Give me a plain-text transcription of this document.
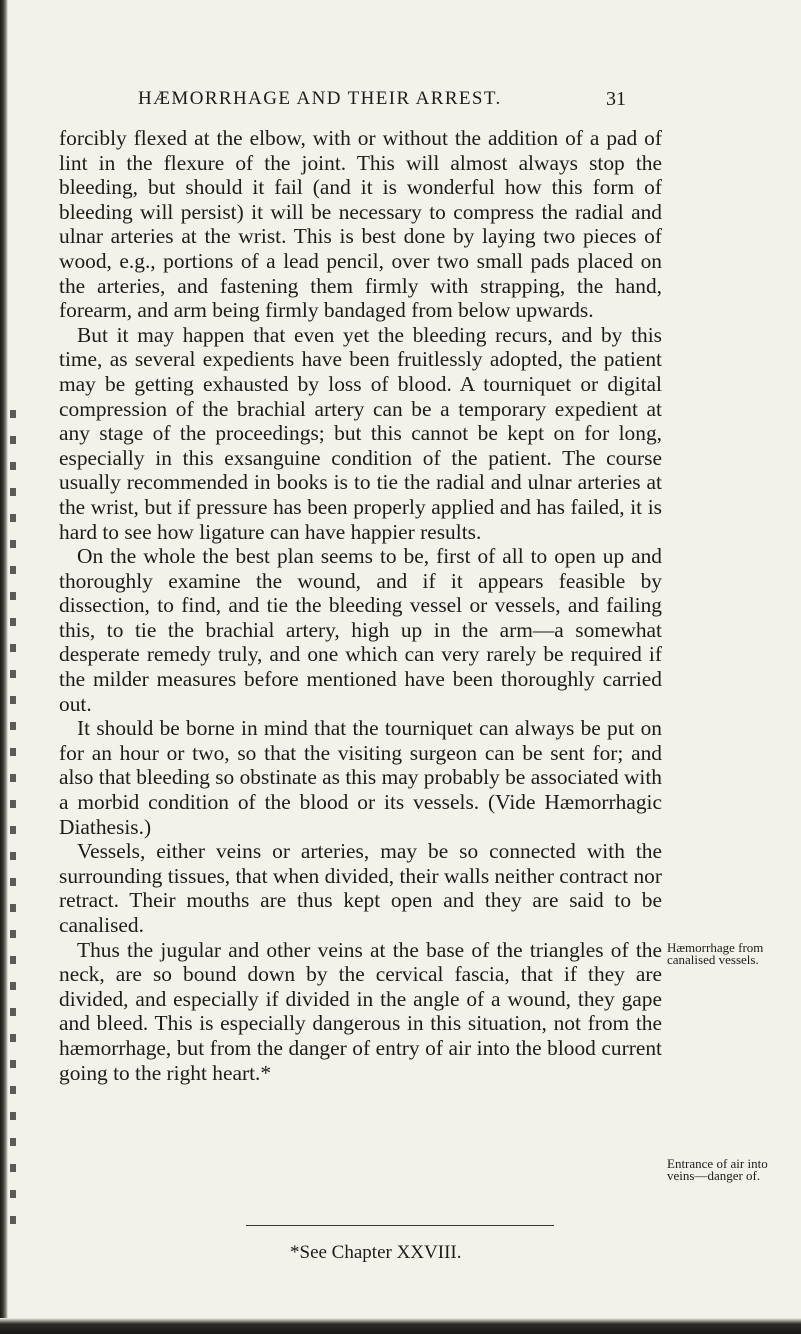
HÆMORRHAGE AND THEIR ARREST.	31

forcibly flexed at the elbow, with or without the addition of a pad of lint in the flexure of the joint. This will almost always stop the bleeding, but should it fail (and it is wonderful how this form of bleeding will persist) it will be necessary to compress the radial and ulnar arteries at the wrist. This is best done by laying two pieces of wood, e.g., portions of a lead pencil, over two small pads placed on the arteries, and fastening them firmly with strapping, the hand, forearm, and arm being firmly bandaged from below upwards.

But it may happen that even yet the bleeding recurs, and by this time, as several expedients have been fruitlessly adopted, the patient may be getting exhausted by loss of blood. A tourniquet or digital compression of the brachial artery can be a temporary expedient at any stage of the proceedings; but this cannot be kept on for long, especially in this exsanguine condition of the patient. The course usually recommended in books is to tie the radial and ulnar arteries at the wrist, but if pressure has been properly applied and has failed, it is hard to see how ligature can have happier results.

On the whole the best plan seems to be, first of all to open up and thoroughly examine the wound, and if it appears feasible by dissection, to find, and tie the bleeding vessel or vessels, and failing this, to tie the brachial artery, high up in the arm—a somewhat desperate remedy truly, and one which can very rarely be required if the milder measures before mentioned have been thoroughly carried out.

It should be borne in mind that the tourniquet can always be put on for an hour or two, so that the visiting surgeon can be sent for; and also that bleeding so obstinate as this may probably be associated with a morbid condition of the blood or its vessels. (Vide Hæmorrhagic Diathesis.)

Vessels, either veins or arteries, may be so connected with the surrounding tissues, that when divided, their walls neither contract nor retract. Their mouths are thus kept open and they are said to be canalised.

Thus the jugular and other veins at the base of the triangles of the neck, are so bound down by the cervical fascia, that if they are divided, and especially if divided in the angle of a wound, they gape and bleed. This is especially dangerous in this situation, not from the hæmorrhage, but from the danger of entry of air into the blood current going to the right heart.*

Hæmorrhage from canalised vessels.
Entrance of air into veins—danger of.
*See Chapter XXVIII.
